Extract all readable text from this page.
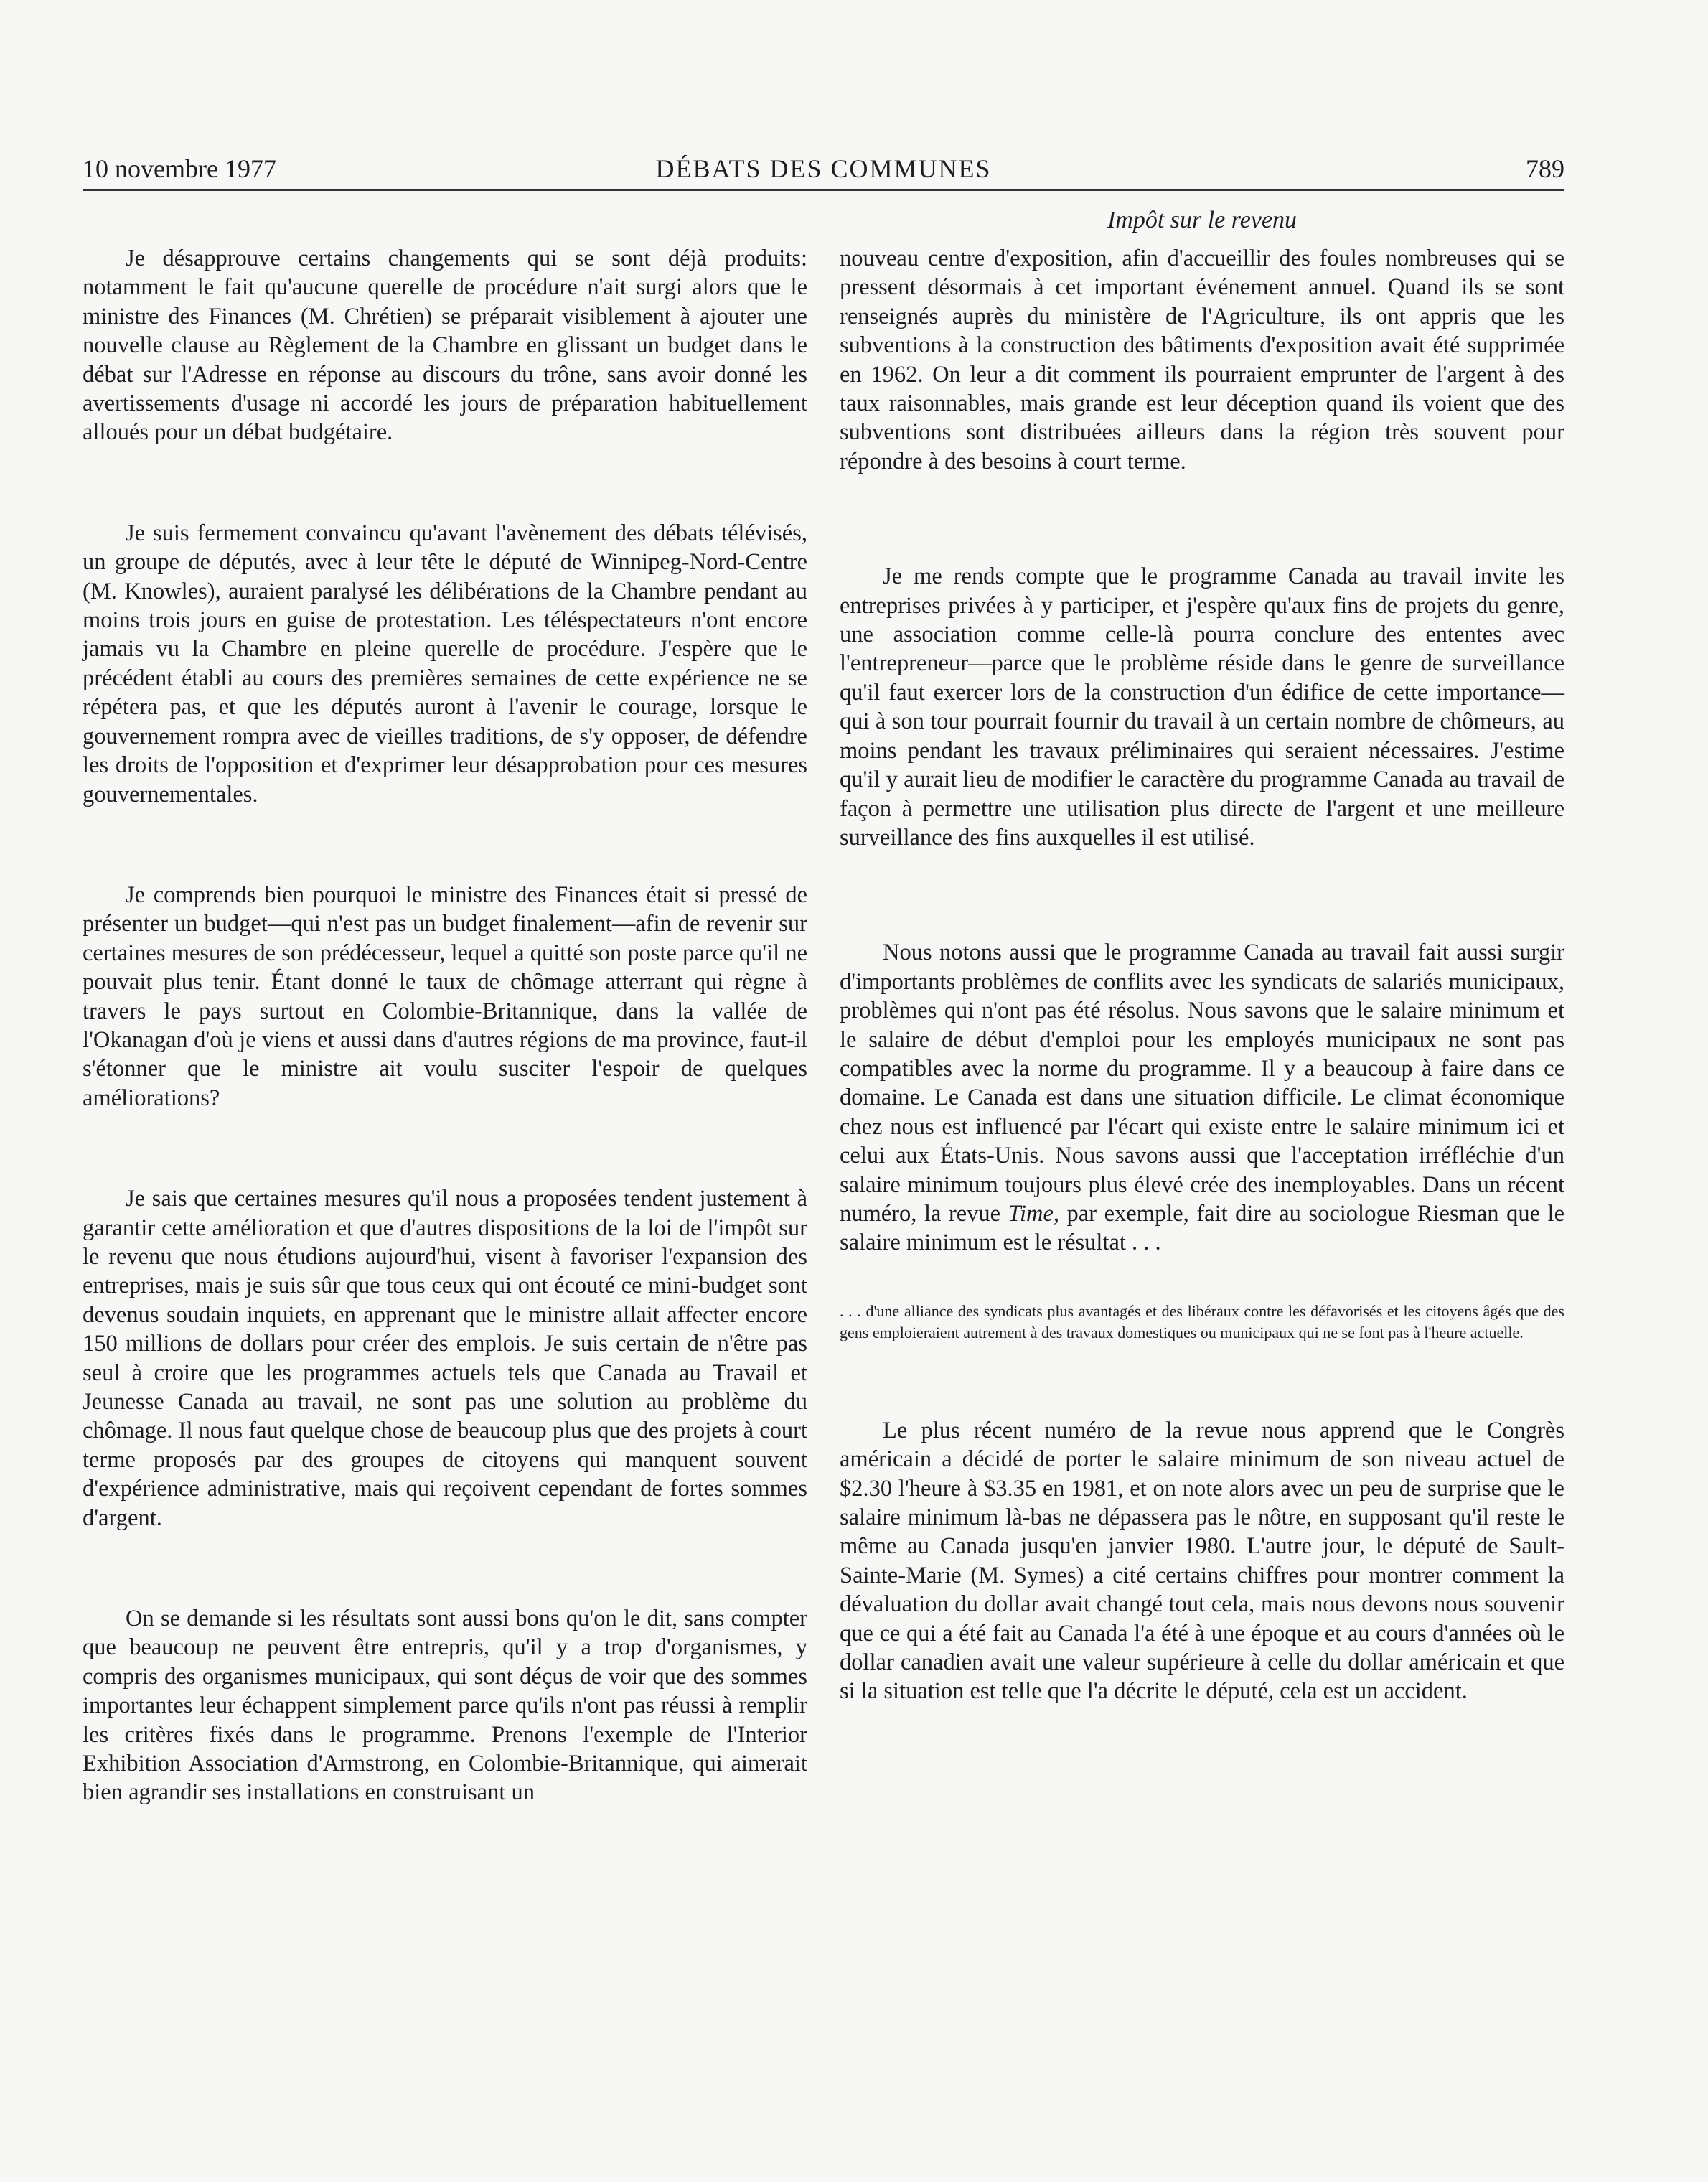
10 novembre 1977	DÉBATS DES COMMUNES	789
Impôt sur le revenu

Je désapprouve certains changements qui se sont déjà produits: notamment le fait qu'aucune querelle de procédure n'ait surgi alors que le ministre des Finances (M. Chrétien) se préparait visiblement à ajouter une nouvelle clause au Règlement de la Chambre en glissant un budget dans le débat sur l'Adresse en réponse au discours du trône, sans avoir donné les avertissements d'usage ni accordé les jours de préparation habituellement alloués pour un débat budgétaire.

Je suis fermement convaincu qu'avant l'avènement des débats télévisés, un groupe de députés, avec à leur tête le député de Winnipeg-Nord-Centre (M. Knowles), auraient paralysé les délibérations de la Chambre pendant au moins trois jours en guise de protestation. Les téléspectateurs n'ont encore jamais vu la Chambre en pleine querelle de procédure. J'espère que le précédent établi au cours des premières semaines de cette expérience ne se répétera pas, et que les députés auront à l'avenir le courage, lorsque le gouvernement rompra avec de vieilles traditions, de s'y opposer, de défendre les droits de l'opposition et d'exprimer leur désapprobation pour ces mesures gouvernementales.

Je comprends bien pourquoi le ministre des Finances était si pressé de présenter un budget—qui n'est pas un budget finalement—afin de revenir sur certaines mesures de son prédécesseur, lequel a quitté son poste parce qu'il ne pouvait plus tenir. Étant donné le taux de chômage atterrant qui règne à travers le pays surtout en Colombie-Britannique, dans la vallée de l'Okanagan d'où je viens et aussi dans d'autres régions de ma province, faut-il s'étonner que le ministre ait voulu susciter l'espoir de quelques améliorations?

Je sais que certaines mesures qu'il nous a proposées tendent justement à garantir cette amélioration et que d'autres dispositions de la loi de l'impôt sur le revenu que nous étudions aujourd'hui, visent à favoriser l'expansion des entreprises, mais je suis sûr que tous ceux qui ont écouté ce mini-budget sont devenus soudain inquiets, en apprenant que le ministre allait affecter encore 150 millions de dollars pour créer des emplois. Je suis certain de n'être pas seul à croire que les programmes actuels tels que Canada au Travail et Jeunesse Canada au travail, ne sont pas une solution au problème du chômage. Il nous faut quelque chose de beaucoup plus que des projets à court terme proposés par des groupes de citoyens qui manquent souvent d'expérience administrative, mais qui reçoivent cependant de fortes sommes d'argent.

On se demande si les résultats sont aussi bons qu'on le dit, sans compter que beaucoup ne peuvent être entrepris, qu'il y a trop d'organismes, y compris des organismes municipaux, qui sont déçus de voir que des sommes importantes leur échappent simplement parce qu'ils n'ont pas réussi à remplir les critères fixés dans le programme. Prenons l'exemple de l'Interior Exhibition Association d'Armstrong, en Colombie-Britannique, qui aimerait bien agrandir ses installations en construisant un

nouveau centre d'exposition, afin d'accueillir des foules nombreuses qui se pressent désormais à cet important événement annuel. Quand ils se sont renseignés auprès du ministère de l'Agriculture, ils ont appris que les subventions à la construction des bâtiments d'exposition avait été supprimée en 1962. On leur a dit comment ils pourraient emprunter de l'argent à des taux raisonnables, mais grande est leur déception quand ils voient que des subventions sont distribuées ailleurs dans la région très souvent pour répondre à des besoins à court terme.

Je me rends compte que le programme Canada au travail invite les entreprises privées à y participer, et j'espère qu'aux fins de projets du genre, une association comme celle-là pourra conclure des ententes avec l'entrepreneur—parce que le problème réside dans le genre de surveillance qu'il faut exercer lors de la construction d'un édifice de cette importance—qui à son tour pourrait fournir du travail à un certain nombre de chômeurs, au moins pendant les travaux préliminaires qui seraient nécessaires. J'estime qu'il y aurait lieu de modifier le caractère du programme Canada au travail de façon à permettre une utilisation plus directe de l'argent et une meilleure surveillance des fins auxquelles il est utilisé.

Nous notons aussi que le programme Canada au travail fait aussi surgir d'importants problèmes de conflits avec les syndicats de salariés municipaux, problèmes qui n'ont pas été résolus. Nous savons que le salaire minimum et le salaire de début d'emploi pour les employés municipaux ne sont pas compatibles avec la norme du programme. Il y a beaucoup à faire dans ce domaine. Le Canada est dans une situation difficile. Le climat économique chez nous est influencé par l'écart qui existe entre le salaire minimum ici et celui aux États-Unis. Nous savons aussi que l'acceptation irréfléchie d'un salaire minimum toujours plus élevé crée des inemployables. Dans un récent numéro, la revue Time, par exemple, fait dire au sociologue Riesman que le salaire minimum est le résultat . . .

. . . d'une alliance des syndicats plus avantagés et des libéraux contre les défavorisés et les citoyens âgés que des gens emploieraient autrement à des travaux domestiques ou municipaux qui ne se font pas à l'heure actuelle.

Le plus récent numéro de la revue nous apprend que le Congrès américain a décidé de porter le salaire minimum de son niveau actuel de $2.30 l'heure à $3.35 en 1981, et on note alors avec un peu de surprise que le salaire minimum là-bas ne dépassera pas le nôtre, en supposant qu'il reste le même au Canada jusqu'en janvier 1980. L'autre jour, le député de Sault-Sainte-Marie (M. Symes) a cité certains chiffres pour montrer comment la dévaluation du dollar avait changé tout cela, mais nous devons nous souvenir que ce qui a été fait au Canada l'a été à une époque et au cours d'années où le dollar canadien avait une valeur supérieure à celle du dollar américain et que si la situation est telle que l'a décrite le député, cela est un accident.
